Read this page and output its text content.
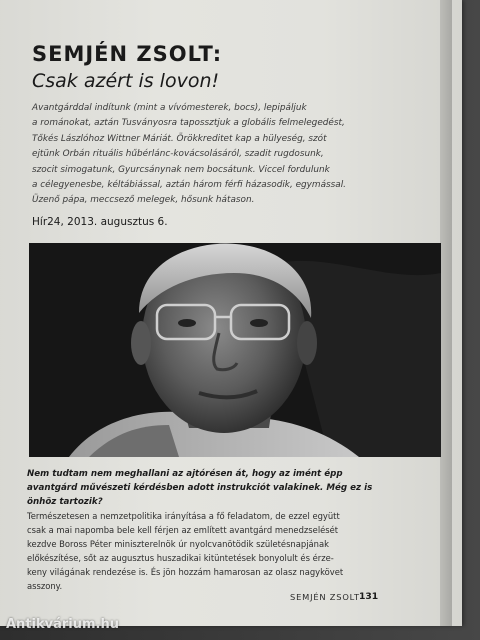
SEMJÉN ZSOLT:
Csak azért is lovon!
Avantgárddal indítunk (mint a vívómesterek, bocs), lepipáljuk
a románokat, aztán Tusványosra tapossztjuk a globális felmelegedést,
Tőkés Lászlóhoz Wittner Máriát. Örökkreditet kap a hülyeség, szót
ejtünk Orbán rituális hűbérlánc-kovácsolásáról, szadit rugdosunk,
szocit simogatunk, Gyurcsánynak nem bocsátunk. Viccel fordulunk
a célegyenesbe, kéltábiással, aztán három férfi házasodik, egymással.
Üzenő pápa, meccsező melegek, hősunk hátason.
Hír24, 2013. augusztus 6.
Nem tudtam nem meghallani az ajtórésen át, hogy az imént épp
avantgárd művészeti kérdésben adott instrukciót valakinek. Még ez is
önhöz tartozik?
Természetesen a nemzetpolitika irányítása a fő feladatom, de ezzel együtt
csak a mai napomba bele kell férjen az említett avantgárd menedzselését
kezdve Boross Péter miniszterelnök úr nyolcvanötödik születésnapjának
előkészítése, sőt az augusztus huszadikai kitüntetések bonyolult és érze-
keny világának rendezése is. És jön hozzám hamarosan az olasz nagykövet
asszony.
SEMJÉN ZSOLT 131
Antikvárium.hu
